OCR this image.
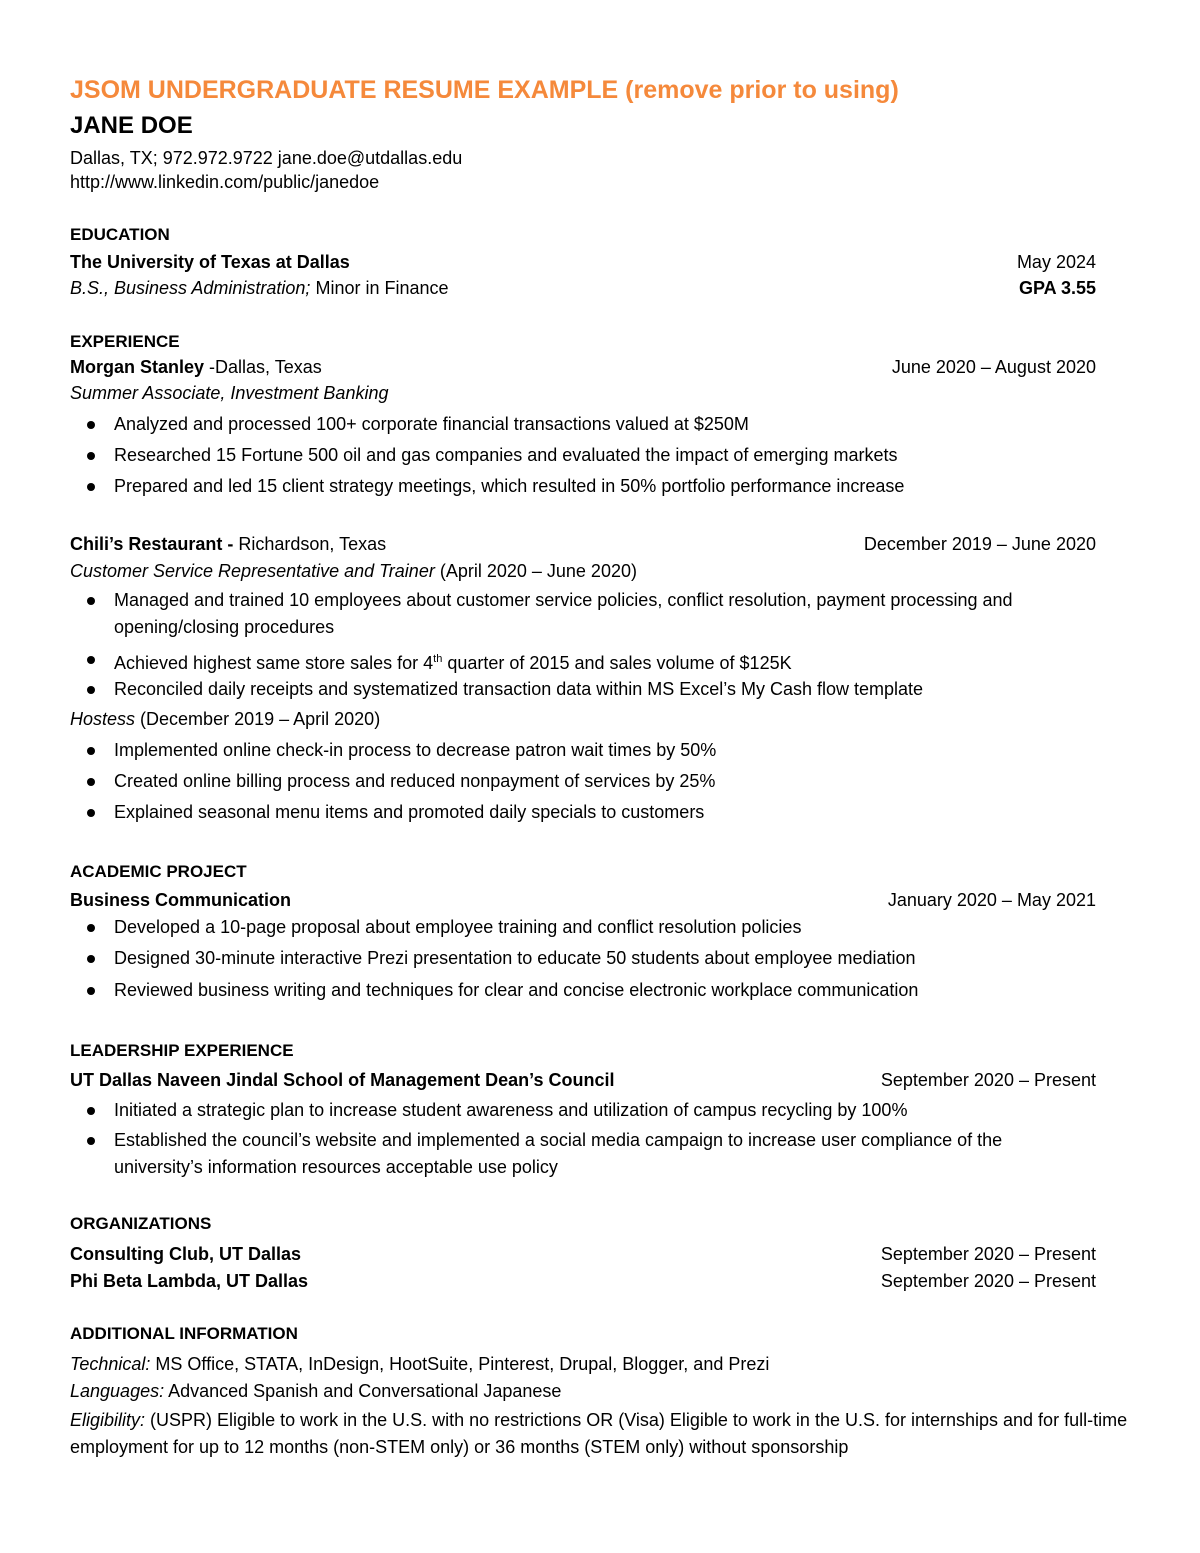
JSOM UNDERGRADUATE RESUME EXAMPLE (remove prior to using)
JANE DOE
Dallas, TX; 972.972.9722 jane.doe@utdallas.edu
http://www.linkedin.com/public/janedoe
EDUCATION
The University of Texas at Dallas	May 2024
B.S., Business Administration; Minor in Finance	GPA 3.55
EXPERIENCE
Morgan Stanley -Dallas, Texas	June 2020 – August 2020
Summer Associate, Investment Banking
Analyzed and processed 100+ corporate financial transactions valued at $250M
Researched 15 Fortune 500 oil and gas companies and evaluated the impact of emerging markets
Prepared and led 15 client strategy meetings, which resulted in 50% portfolio performance increase
Chili’s Restaurant - Richardson, Texas	December 2019 – June 2020
Customer Service Representative and Trainer (April 2020 – June 2020)
Managed and trained 10 employees about customer service policies, conflict resolution, payment processing and opening/closing procedures
Achieved highest same store sales for 4th quarter of 2015 and sales volume of $125K
Reconciled daily receipts and systematized transaction data within MS Excel’s My Cash flow template
Hostess (December 2019 – April 2020)
Implemented online check-in process to decrease patron wait times by 50%
Created online billing process and reduced nonpayment of services by 25%
Explained seasonal menu items and promoted daily specials to customers
ACADEMIC PROJECT
Business Communication	January 2020 – May 2021
Developed a 10-page proposal about employee training and conflict resolution policies
Designed 30-minute interactive Prezi presentation to educate 50 students about employee mediation
Reviewed business writing and techniques for clear and concise electronic workplace communication
LEADERSHIP EXPERIENCE
UT Dallas Naveen Jindal School of Management Dean’s Council	September 2020 – Present
Initiated a strategic plan to increase student awareness and utilization of campus recycling by 100%
Established the council’s website and implemented a social media campaign to increase user compliance of the university’s information resources acceptable use policy
ORGANIZATIONS
Consulting Club, UT Dallas	September 2020 – Present
Phi Beta Lambda, UT Dallas	September 2020 – Present
ADDITIONAL INFORMATION
Technical: MS Office, STATA, InDesign, HootSuite, Pinterest, Drupal, Blogger, and Prezi
Languages: Advanced Spanish and Conversational Japanese
Eligibility: (USPR) Eligible to work in the U.S. with no restrictions OR (Visa) Eligible to work in the U.S. for internships and for full-time employment for up to 12 months (non-STEM only) or 36 months (STEM only) without sponsorship
